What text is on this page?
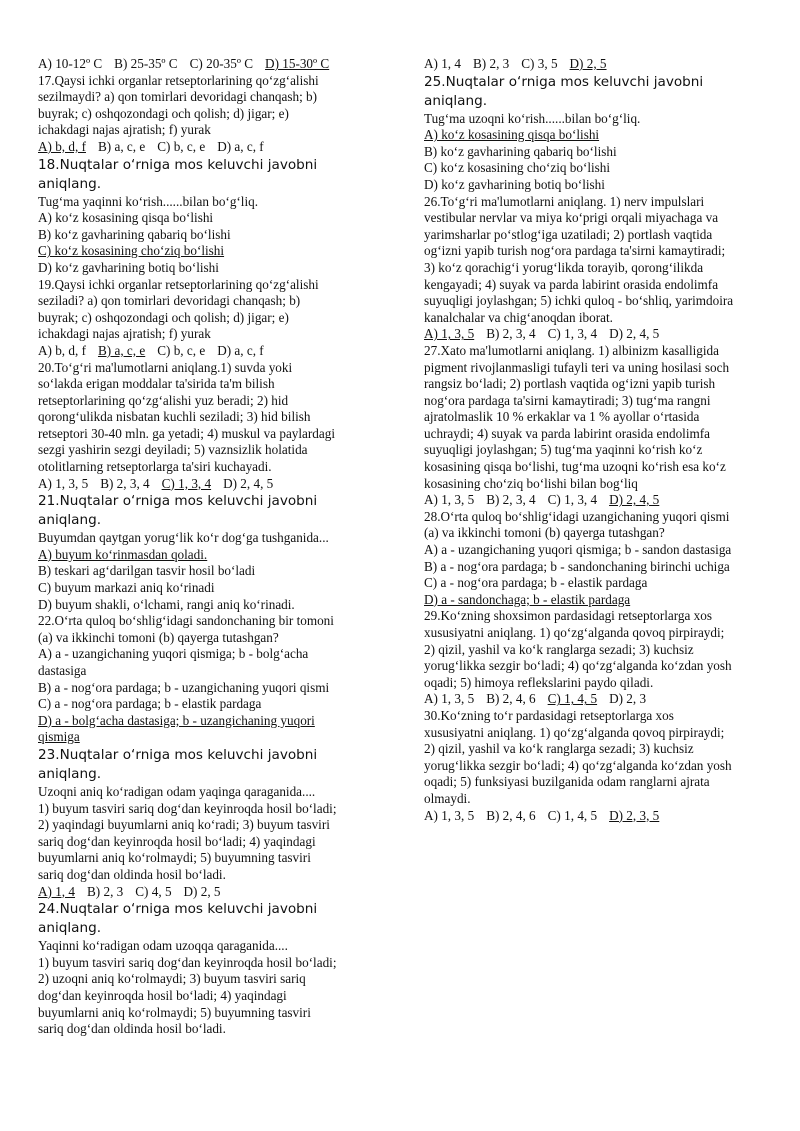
A) 10-12º C B) 25-35º C C) 20-35º C D) 15-30º C
17.Qaysi ichki organlar retseptorlarining qo‘zg‘alishi
sezilmaydi? a) qon tomirlari devoridagi chanqash; b)
buyrak; c) oshqozondagi och qolish; d) jigar; e)
ichakdagi najas ajratish; f) yurak
A) b, d, f B) a, c, e C) b, c, e D) a, c, f
18.Nuqtalar o‘rniga mos keluvchi javobni
aniqlang.
Tug‘ma yaqinni ko‘rish......bilan bo‘g‘liq.
A) ko‘z kosasining qisqa bo‘lishi
B) ko‘z gavharining qabariq bo‘lishi
C) ko‘z kosasining cho‘ziq bo‘lishi
D) ko‘z gavharining botiq bo‘lishi
19.Qaysi ichki organlar retseptorlarining qo‘zg‘alishi
seziladi? a) qon tomirlari devoridagi chanqash; b)
buyrak; c) oshqozondagi och qolish; d) jigar; e)
ichakdagi najas ajratish; f) yurak
A) b, d, f B) a, c, e C) b, c, e D) a, c, f
20.To‘g‘ri ma'lumotlarni aniqlang.1) suvda yoki
so‘lakda erigan moddalar ta'sirida ta'm bilish
retseptorlarining qo‘zg‘alishi yuz beradi; 2) hid
qorong‘ulikda nisbatan kuchli seziladi; 3) hid bilish
retseptori 30-40 mln. ga yetadi; 4) muskul va paylardagi
sezgi yashirin sezgi deyiladi; 5) vaznsizlik holatida
otolitlarning retseptorlarga ta'siri kuchayadi.
A) 1, 3, 5 B) 2, 3, 4 C) 1, 3, 4 D) 2, 4, 5
21.Nuqtalar o‘rniga mos keluvchi javobni
aniqlang.
Buyumdan qaytgan yorug‘lik ko‘r dog‘ga tushganida...
A) buyum ko‘rinmasdan qoladi.
B) teskari ag‘darilgan tasvir hosil bo‘ladi
C) buyum markazi aniq ko‘rinadi
D) buyum shakli, o‘lchami, rangi aniq ko‘rinadi.
22.O‘rta quloq bo‘shlig‘idagi sandonchaning bir tomoni
(a) va ikkinchi tomoni (b) qayerga tutashgan?
A) a - uzangichaning yuqori qismiga; b - bolg‘acha
dastasiga
B) a - nog‘ora pardaga; b - uzangichaning yuqori qismi
C) a - nog‘ora pardaga; b - elastik pardaga
D) a - bolg‘acha dastasiga; b - uzangichaning yuqori
qismiga
23.Nuqtalar o‘rniga mos keluvchi javobni
aniqlang.
Uzoqni aniq ko‘radigan odam yaqinga qaraganida....
1) buyum tasviri sariq dog‘dan keyinroqda hosil bo‘ladi;
2) yaqindagi buyumlarni aniq ko‘radi; 3) buyum tasviri
sariq dog‘dan keyinroqda hosil bo‘ladi; 4) yaqindagi
buyumlarni aniq ko‘rolmaydi; 5) buyumning tasviri
sariq dog‘dan oldinda hosil bo‘ladi.
A) 1, 4 B) 2, 3 C) 4, 5 D) 2, 5
24.Nuqtalar o‘rniga mos keluvchi javobni
aniqlang.
Yaqinni ko‘radigan odam uzoqqa qaraganida....
1) buyum tasviri sariq dog‘dan keyinroqda hosil bo‘ladi;
2) uzoqni aniq ko‘rolmaydi; 3) buyum tasviri sariq
dog‘dan keyinroqda hosil bo‘ladi; 4) yaqindagi
buyumlarni aniq ko‘rolmaydi; 5) buyumning tasviri
sariq dog‘dan oldinda hosil bo‘ladi.
A) 1, 4 B) 2, 3 C) 3, 5 D) 2, 5
25.Nuqtalar o‘rniga mos keluvchi javobni
aniqlang.
Tug‘ma uzoqni ko‘rish......bilan bo‘g‘liq.
A) ko‘z kosasining qisqa bo‘lishi
B) ko‘z gavharining qabariq bo‘lishi
C) ko‘z kosasining cho‘ziq bo‘lishi
D) ko‘z gavharining botiq bo‘lishi
26.To‘g‘ri ma'lumotlarni aniqlang. 1) nerv impulslari
vestibular nervlar va miya ko‘prigi orqali miyachaga va
yarimsharlar po‘stlog‘iga uzatiladi; 2) portlash vaqtida
og‘izni yapib turish nog‘ora pardaga ta'sirni kamaytiradi;
3) ko‘z qorachig‘i yorug‘likda torayib, qorong‘ilikda
kengayadi; 4) suyak va parda labirint orasida endolimfa
suyuqligi joylashgan; 5) ichki quloq - bo‘shliq, yarimdoira
kanalchalar va chig‘anoqdan iborat.
A) 1, 3, 5 B) 2, 3, 4 C) 1, 3, 4 D) 2, 4, 5
27.Xato ma'lumotlarni aniqlang. 1) albinizm kasalligida
pigment rivojlanmasligi tufayli teri va uning hosilasi soch
rangsiz bo‘ladi; 2) portlash vaqtida og‘izni yapib turish
nog‘ora pardaga ta'sirni kamaytiradi; 3) tug‘ma rangni
ajratolmaslik 10 % erkaklar va 1 % ayollar o‘rtasida
uchraydi; 4) suyak va parda labirint orasida endolimfa
suyuqligi joylashgan; 5) tug‘ma yaqinni ko‘rish ko‘z
kosasining qisqa bo‘lishi, tug‘ma uzoqni ko‘rish esa ko‘z
kosasining cho‘ziq bo‘lishi bilan bog‘liq
A) 1, 3, 5 B) 2, 3, 4 C) 1, 3, 4 D) 2, 4, 5
28.O‘rta quloq bo‘shlig‘idagi uzangichaning yuqori qismi
(a) va ikkinchi tomoni (b) qayerga tutashgan?
A) a - uzangichaning yuqori qismiga; b - sandon dastasiga
B) a - nog‘ora pardaga; b - sandonchaning birinchi uchiga
C) a - nog‘ora pardaga; b - elastik pardaga
D) a - sandonchaga; b - elastik pardaga
29.Ko‘zning shoxsimon pardasidagi retseptorlarga xos
xususiyatni aniqlang. 1) qo‘zg‘alganda qovoq pirpiraydi;
2) qizil, yashil va ko‘k ranglarga sezadi; 3) kuchsiz
yorug‘likka sezgir bo‘ladi; 4) qo‘zg‘alganda ko‘zdan yosh
oqadi; 5) himoya reflekslarini paydo qiladi.
A) 1, 3, 5 B) 2, 4, 6 C) 1, 4, 5 D) 2, 3
30.Ko‘zning to‘r pardasidagi retseptorlarga xos
xususiyatni aniqlang. 1) qo‘zg‘alganda qovoq pirpiraydi;
2) qizil, yashil va ko‘k ranglarga sezadi; 3) kuchsiz
yorug‘likka sezgir bo‘ladi; 4) qo‘zg‘alganda ko‘zdan yosh
oqadi; 5) funksiyasi buzilganida odam ranglarni ajrata
olmaydi.
A) 1, 3, 5 B) 2, 4, 6 C) 1, 4, 5 D) 2, 3, 5
